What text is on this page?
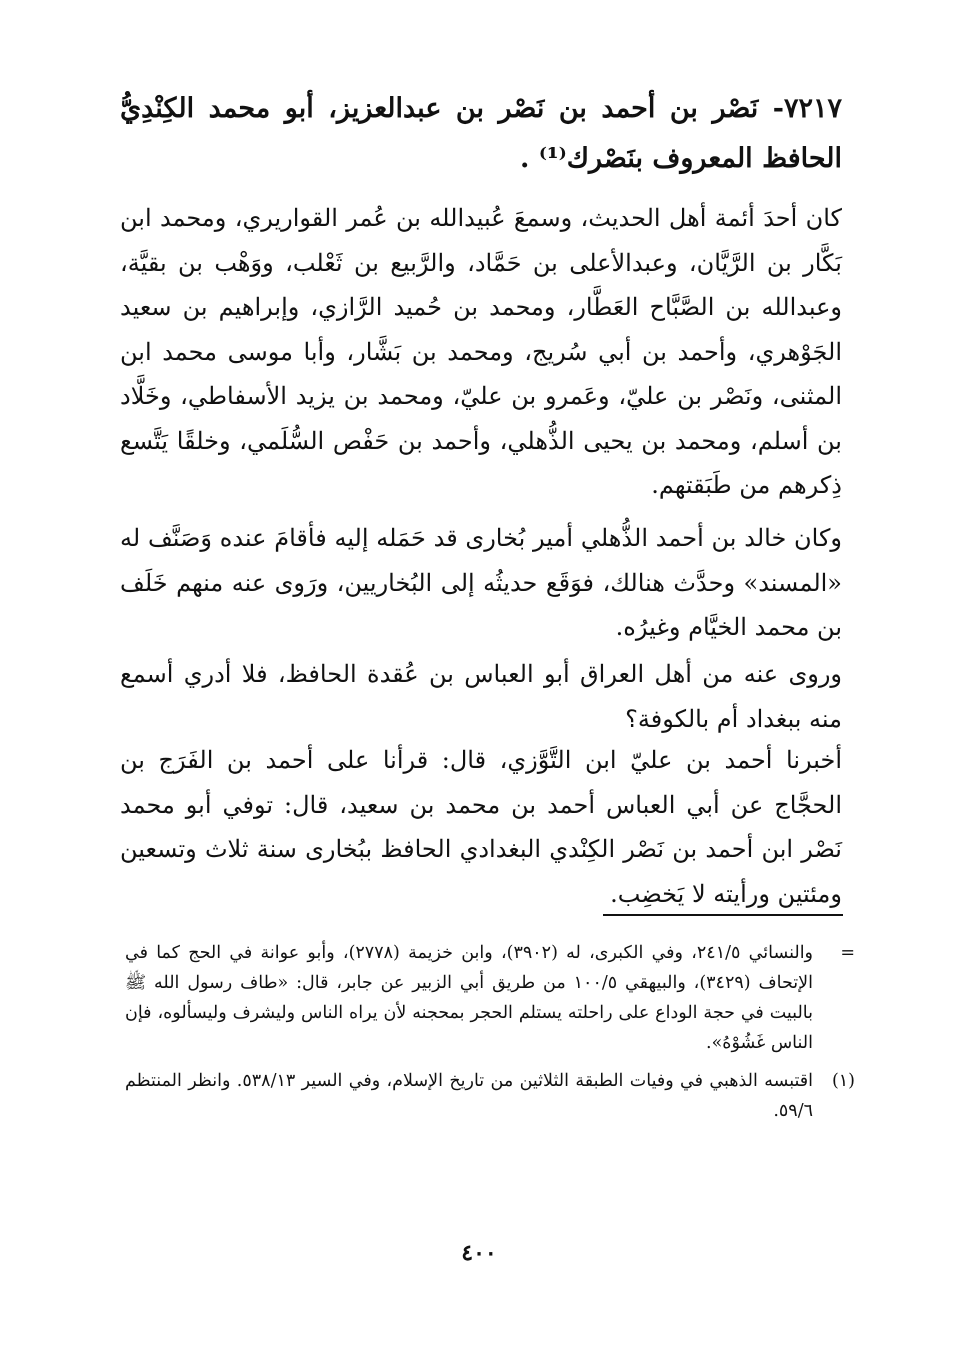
٧٢١٧- نَصْر بن أحمد بن نَصْر بن عبدالعزيز، أبو محمد الكِنْدِيُّ الحافظ المعروف بنَصْرك⁽¹⁾ .
كان أحدَ أئمة أهل الحديث، وسمعَ عُبيدالله بن عُمر القواريري، ومحمد ابن بَكَّار بن الرَّيَّان، وعبدالأعلى بن حَمَّاد، والرَّبيع بن ثَعْلب، ووَهْب بن بقيَّة، وعبدالله بن الصَّبَّاح العَطَّار، ومحمد بن حُميد الرَّازي، وإبراهيم بن سعيد الجَوْهري، وأحمد بن أبي سُريج، ومحمد بن بَشَّار، وأبا موسى محمد ابن المثنى، ونَصْر بن عليّ، وعَمرو بن عليّ، ومحمد بن يزيد الأسفاطي، وخَلَّاد بن أسلم، ومحمد بن يحيى الذُّهلي، وأحمد بن حَفْص السُّلَمي، وخلقًا يَتَّسع ذِكرهم من طَبَقتهم.
وكان خالد بن أحمد الذُّهلي أمير بُخارى قد حَمَله إليه فأقامَ عنده وَصَنَّف له «المسند» وحدَّث هنالك، فوَقَع حديثُه إلى البُخاريين، ورَوى عنه منهم خَلَف بن محمد الخيَّام وغيرُه.
وروى عنه من أهل العراق أبو العباس بن عُقدة الحافظ، فلا أدري أسمع منه ببغداد أم بالكوفة؟
أخبرنا أحمد بن عليّ ابن التَّوَّزي، قال: قرأنا على أحمد بن الفَرَج بن الحجَّاج عن أبي العباس أحمد بن محمد بن سعيد، قال: توفي أبو محمد نَصْر ابن أحمد بن نَصْر الكِنْدي البغدادي الحافظ ببُخارى سنة ثلاث وتسعين ومئتين ورأيته لا يَخضِب.
=
والنسائي ٢٤١/٥، وفي الكبرى، له (٣٩٠٢)، وابن خزيمة (٢٧٧٨)، وأبو عوانة في الحج كما في الإتحاف (٣٤٢٩)، والبيهقي ١٠٠/٥ من طريق أبي الزبير عن جابر، قال: «طاف رسول الله ﷺ بالبيت في حجة الوداع على راحلته يستلم الحجر بمحجنه لأن يراه الناس وليشرف وليسألوه، فإن الناس غَشُوْهُ».
(١)
اقتبسه الذهبي في وفيات الطبقة الثلاثين من تاريخ الإسلام، وفي السير ٥٣٨/١٣. وانظر المنتظم ٥٩/٦.
٤٠٠
